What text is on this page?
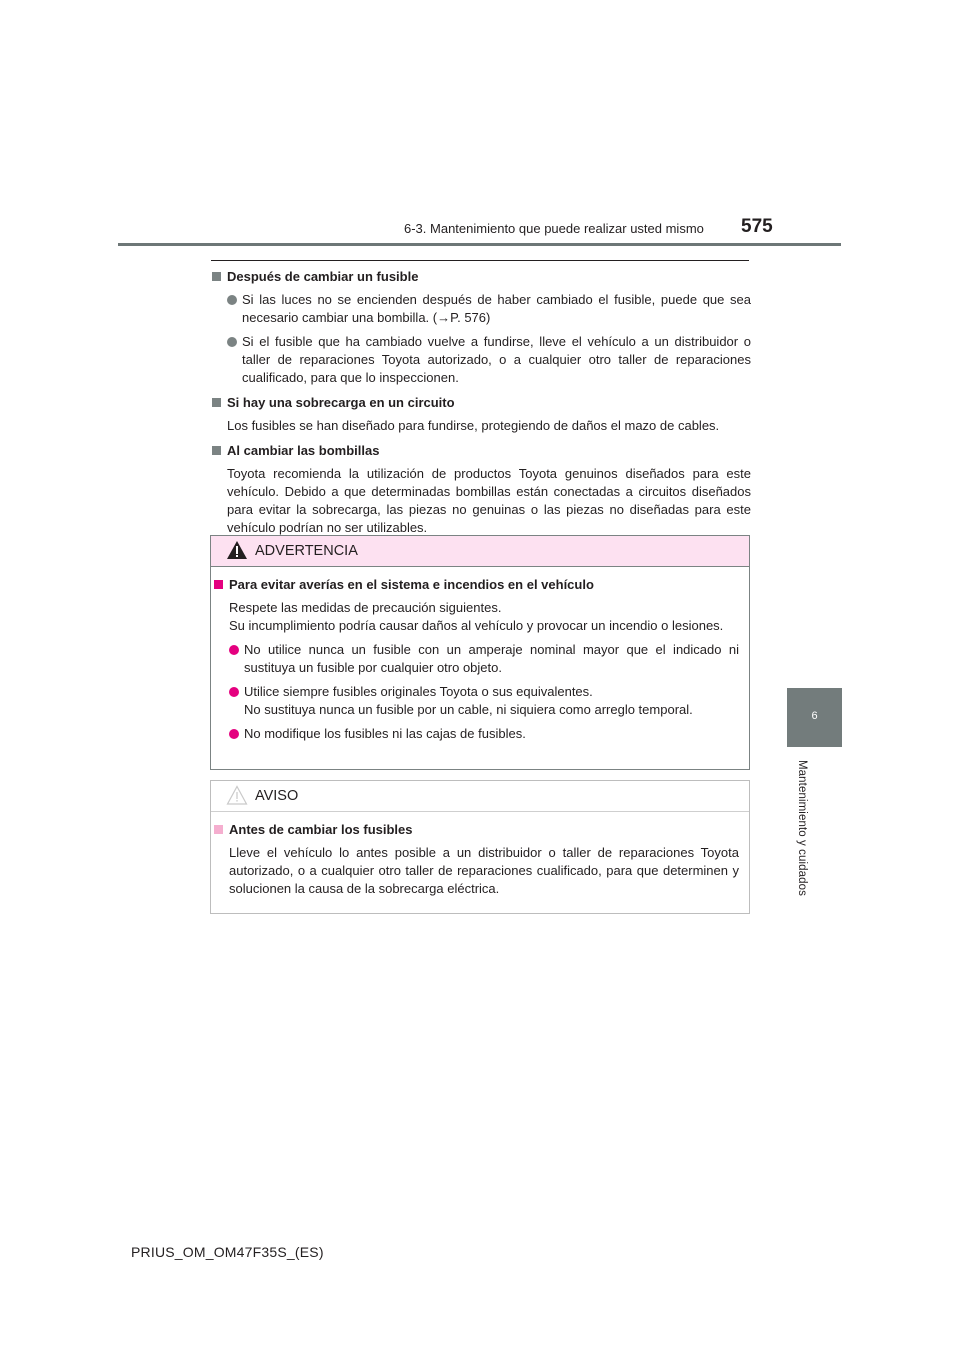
6-3. Mantenimiento que puede realizar usted mismo 575
6
Mantenimiento y cuidados
Después de cambiar un fusible
Si las luces no se encienden después de haber cambiado el fusible, puede que sea necesario cambiar una bombilla. (→P. 576)
Si el fusible que ha cambiado vuelve a fundirse, lleve el vehículo a un distribuidor o taller de reparaciones Toyota autorizado, o a cualquier otro taller de reparaciones cualificado, para que lo inspeccionen.
Si hay una sobrecarga en un circuito
Los fusibles se han diseñado para fundirse, protegiendo de daños el mazo de cables.
Al cambiar las bombillas
Toyota recomienda la utilización de productos Toyota genuinos diseñados para este vehículo. Debido a que determinadas bombillas están conectadas a circuitos diseñados para evitar la sobrecarga, las piezas no genuinas o las piezas no diseñadas para este vehículo podrían no ser utilizables.
ADVERTENCIA
Para evitar averías en el sistema e incendios en el vehículo
Respete las medidas de precaución siguientes.
Su incumplimiento podría causar daños al vehículo y provocar un incendio o lesiones.
No utilice nunca un fusible con un amperaje nominal mayor que el indicado ni sustituya un fusible por cualquier otro objeto.
Utilice siempre fusibles originales Toyota o sus equivalentes.
No sustituya nunca un fusible por un cable, ni siquiera como arreglo temporal.
No modifique los fusibles ni las cajas de fusibles.
AVISO
Antes de cambiar los fusibles
Lleve el vehículo lo antes posible a un distribuidor o taller de reparaciones Toyota autorizado, o a cualquier otro taller de reparaciones cualificado, para que determinen y solucionen la causa de la sobrecarga eléctrica.
PRIUS_OM_OM47F35S_(ES)
